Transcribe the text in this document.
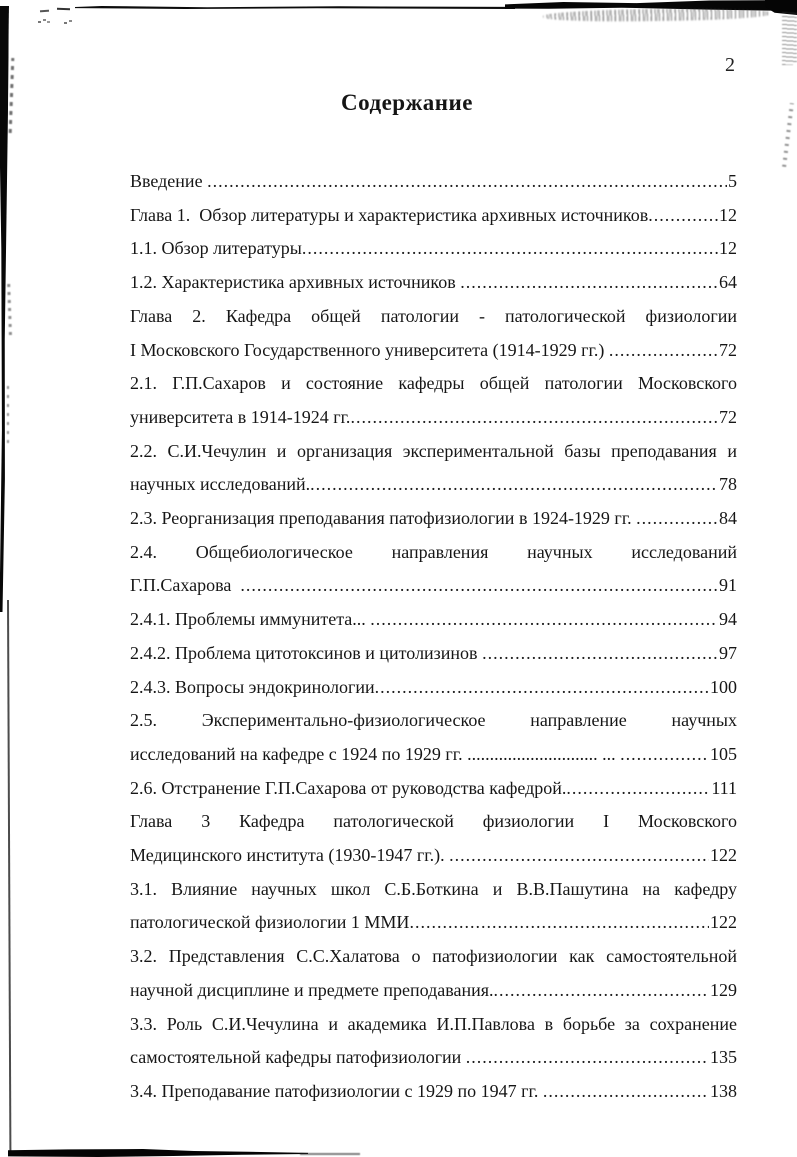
2
Содержание
Введение .....	5
Глава 1.  Обзор литературы и характеристика архивных источников .....	12
1.1. Обзор литературы .....	12
1.2. Характеристика архивных источников .....	64
Глава 2. Кафедра общей патологии - патологической физиологии
I Московского Государственного университета (1914-1929 гг.) .....	72
2.1. Г.П.Сахаров и состояние кафедры общей патологии Московского
университета в 1914-1924 гг. .....	72
2.2. С.И.Чечулин и организация экспериментальной базы преподавания и
научных исследований. .....	78
2.3. Реорганизация преподавания патофизиологии в 1924-1929 гг. .....	84
2.4. Общебиологическое направления научных исследований
Г.П.Сахарова .....	91
2.4.1. Проблемы иммунитета... .....	94
2.4.2. Проблема цитотоксинов и цитолизинов .....	97
2.4.3. Вопросы эндокринологии .....	100
2.5. Экспериментально-физиологическое направление научных
исследований на кафедре с 1924 по 1929 гг. ............................. ... .....	105
2.6. Отстранение Г.П.Сахарова от руководства кафедрой. .....	111
Глава 3 Кафедра патологической физиологии I Московского
Медицинского института (1930-1947 гг.). .....	122
3.1. Влияние научных школ С.Б.Боткина и В.В.Пашутина на кафедру
патологической физиологии 1 ММИ .....	122
3.2. Представления С.С.Халатова о патофизиологии как самостоятельной
научной дисциплине и предмете преподавания. .....	129
3.3. Роль С.И.Чечулина и академика И.П.Павлова в борьбе за сохранение
самостоятельной кафедры патофизиологии .....	135
3.4. Преподавание патофизиологии с 1929 по 1947 гг. .....	138
